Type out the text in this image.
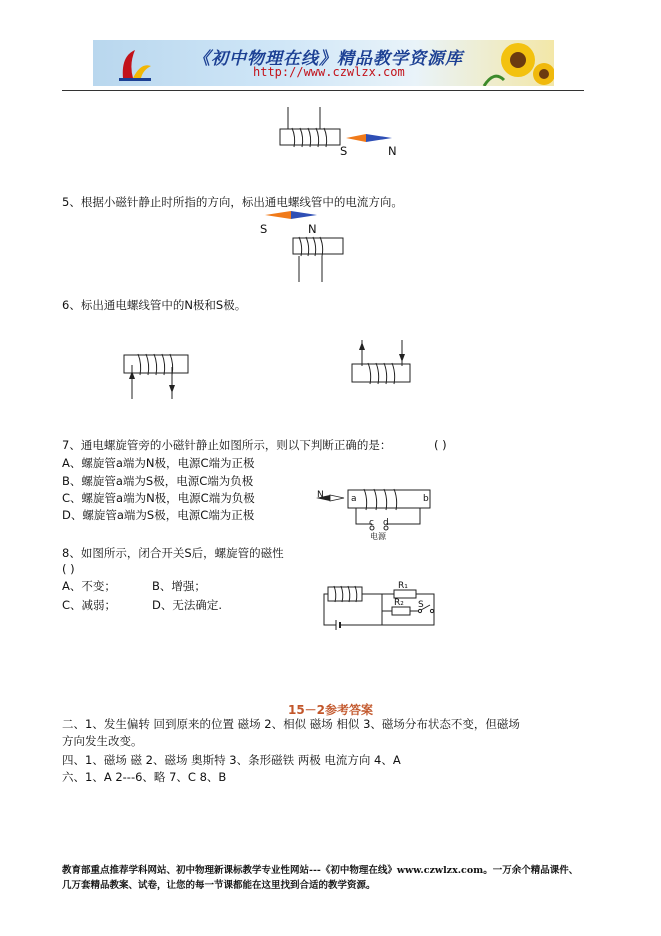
《初中物理在线》精品教学资源库
http://www.czwlzx.com
S	N
5、根据小磁针静止时所指的方向，标出通电螺线管中的电流方向。
S	N
6、标出通电螺线管中的N极和S极。
7、通电螺旋管旁的小磁针静止如图所示，则以下判断正确的是：	( )
A、螺旋管a端为N极，电源C端为正极
B、螺旋管a端为S极，电源C端为负极
C、螺旋管a端为N极，电源C端为负极
D、螺旋管a端为S极，电源C端为正极
N	a	b
c d
电源
8、如图所示，闭合开关S后，螺旋管的磁性
( )
A、不变；	B、增强；
C、减弱；	D、无法确定.
R₁
R₂ S
15－2参考答案
二、1、发生偏转 回到原来的位置 磁场 2、相似 磁场 相似 3、磁场分布状态不变，但磁场
方向发生改变。
四、1、磁场 磁 2、磁场 奥斯特 3、条形磁铁 两极 电流方向 4、A
六、1、A 2---6、略 7、C 8、B
教育部重点推荐学科网站、初中物理新课标教学专业性网站---《初中物理在线》www.czwlzx.com。一万余个精品课件、
几万套精品教案、试卷，让您的每一节课都能在这里找到合适的教学资源。
